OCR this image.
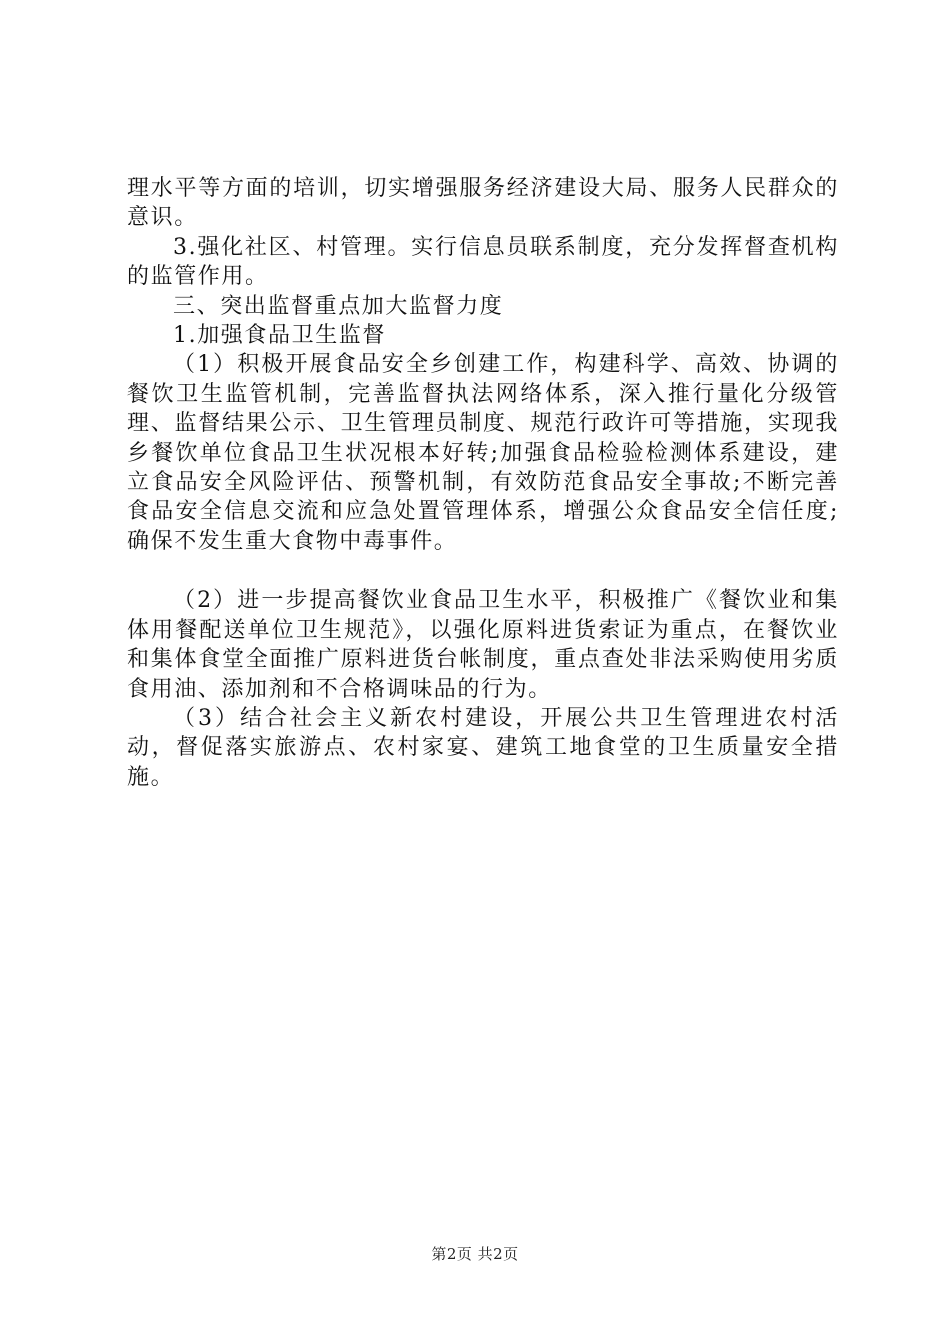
理水平等方面的培训，切实增强服务经济建设大局、服务人民群众的意识。

3.强化社区、村管理。实行信息员联系制度，充分发挥督查机构的监管作用。

三、突出监督重点加大监督力度

1.加强食品卫生监督

（1）积极开展食品安全乡创建工作，构建科学、高效、协调的餐饮卫生监管机制，完善监督执法网络体系，深入推行量化分级管理、监督结果公示、卫生管理员制度、规范行政许可等措施，实现我乡餐饮单位食品卫生状况根本好转;加强食品检验检测体系建设，建立食品安全风险评估、预警机制，有效防范食品安全事故;不断完善食品安全信息交流和应急处置管理体系，增强公众食品安全信任度;确保不发生重大食物中毒事件。

（2）进一步提高餐饮业食品卫生水平，积极推广《餐饮业和集体用餐配送单位卫生规范》，以强化原料进货索证为重点，在餐饮业和集体食堂全面推广原料进货台帐制度，重点查处非法采购使用劣质食用油、添加剂和不合格调味品的行为。

（3）结合社会主义新农村建设，开展公共卫生管理进农村活动，督促落实旅游点、农村家宴、建筑工地食堂的卫生质量安全措施。

第2页 共2页
